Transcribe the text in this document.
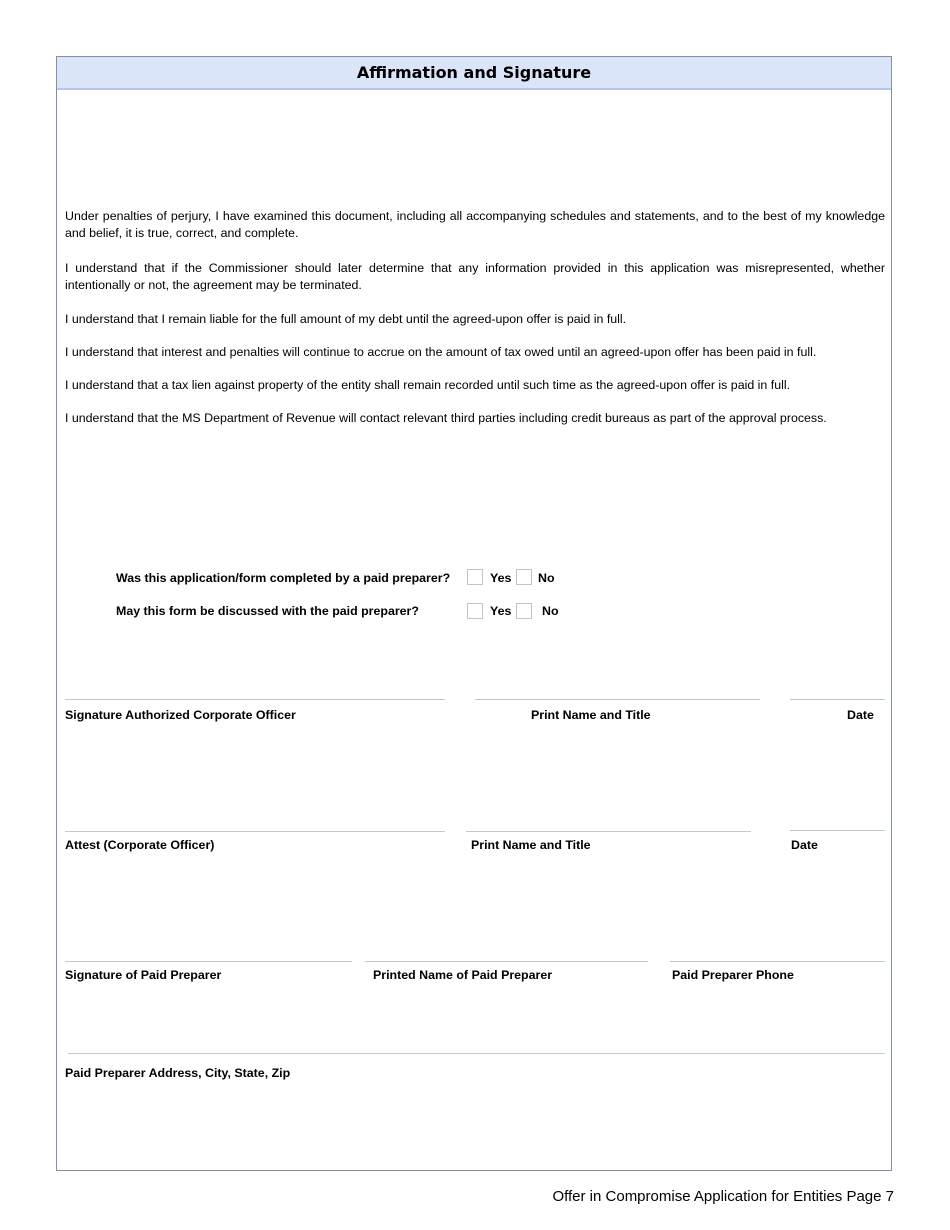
Affirmation and Signature

Under penalties of perjury, I have examined this document, including all accompanying schedules and statements, and to the best of my knowledge and belief, it is true, correct, and complete.

I understand that if the Commissioner should later determine that any information provided in this application was misrepresented, whether intentionally or not, the agreement may be terminated.

I understand that I remain liable for the full amount of my debt until the agreed-upon offer is paid in full.

I understand that interest and penalties will continue to accrue on the amount of tax owed until an agreed-upon offer has been paid in full.

I understand that a tax lien against property of the entity shall remain recorded until such time as the agreed-upon offer is paid in full.

I understand that the MS Department of Revenue will contact relevant third parties including credit bureaus as part of the approval process.

Was this application/form completed by a paid preparer?	Yes No
May this form be discussed with the paid preparer?	Yes No
Signature Authorized Corporate Officer	Print Name and Title	Date
Attest (Corporate Officer)	Print Name and Title	Date
Signature of Paid Preparer	Printed Name of Paid Preparer	Paid Preparer Phone
Paid Preparer Address, City, State, Zip
Offer in Compromise Application for Entities Page 7
